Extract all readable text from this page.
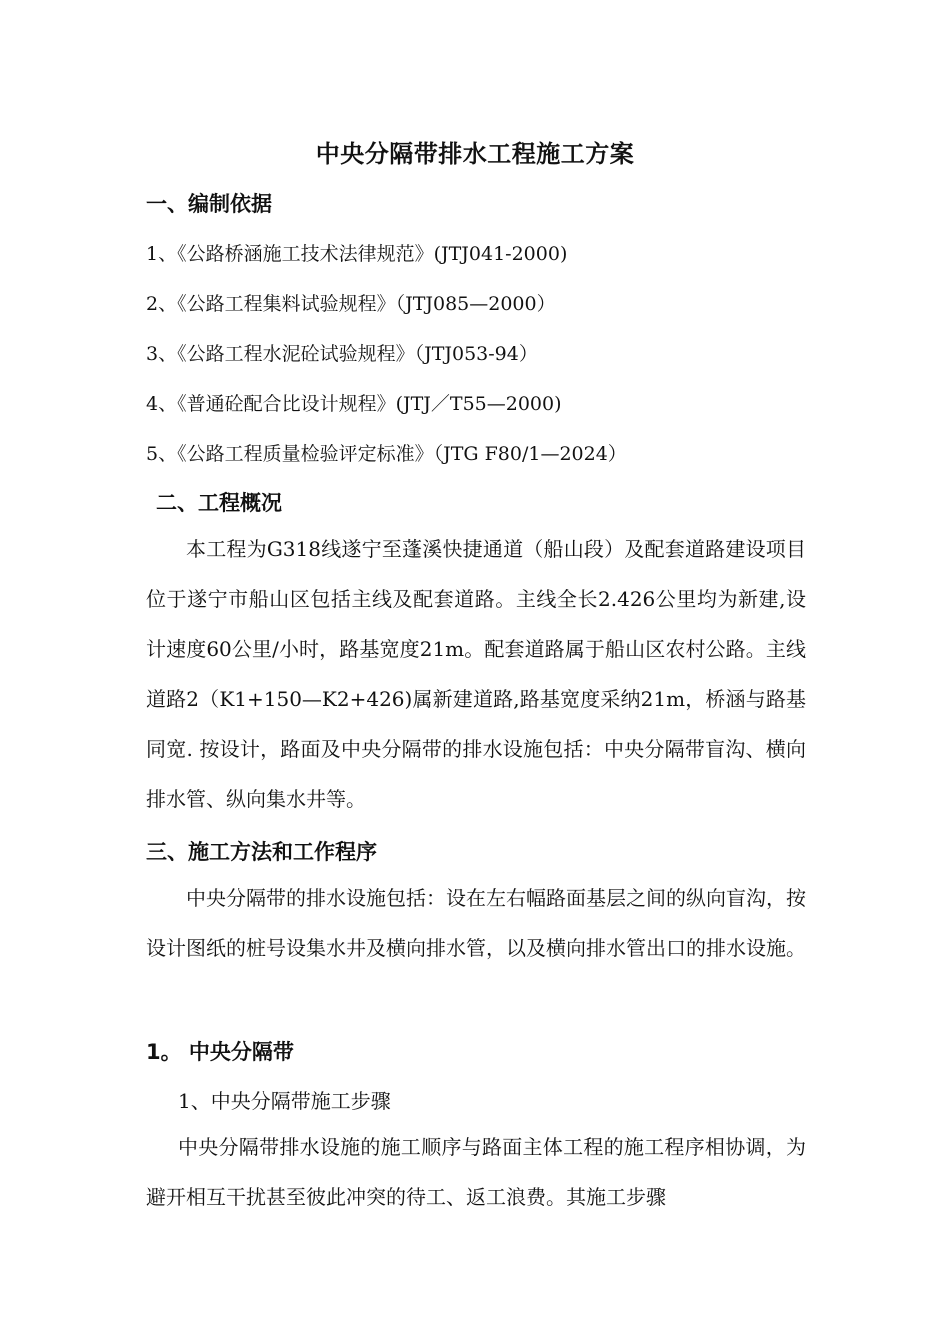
中央分隔带排水工程施工方案
一、编制依据
1、《公路桥涵施工技术法律规范》(JTJ041-2000)
2、《公路工程集料试验规程》（JTJ085—2000）
3、《公路工程水泥砼试验规程》（JTJ053-94）
4、《普通砼配合比设计规程》(JTJ／T55—2000)
5、《公路工程质量检验评定标准》（JTG F80/1—2024）
二、工程概况
本工程为G318线遂宁至蓬溪快捷通道（船山段）及配套道路建设项目位于遂宁市船山区包括主线及配套道路。主线全长2.426公里均为新建,设计速度60公里/小时，路基宽度21m。配套道路属于船山区农村公路。主线道路2（K1+150—K2+426)属新建道路,路基宽度采纳21m，桥涵与路基同宽. 按设计，路面及中央分隔带的排水设施包括：中央分隔带盲沟、横向排水管、纵向集水井等。
三、施工方法和工作程序
中央分隔带的排水设施包括：设在左右幅路面基层之间的纵向盲沟，按设计图纸的桩号设集水井及横向排水管，以及横向排水管出口的排水设施。
1。 中央分隔带
1、中央分隔带施工步骤
中央分隔带排水设施的施工顺序与路面主体工程的施工程序相协调，为避开相互干扰甚至彼此冲突的待工、返工浪费。其施工步骤
